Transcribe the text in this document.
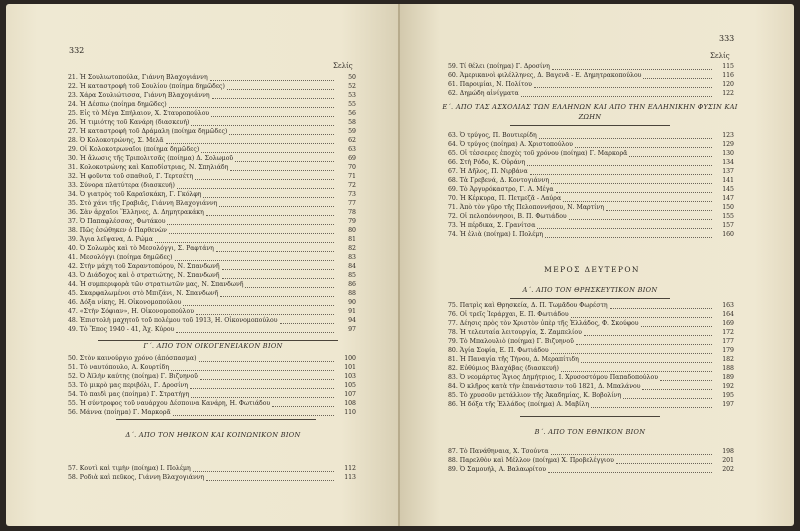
332
Σελίς
21. Ἡ Σουλιωτοπούλα, Γιάννη Βλαχογιάννη	50
22. Ἡ καταστροφὴ τοῦ Σουλίου (ποίημα δημῶδες)	52
23. Χάρα Σουλιώτισσα, Γιάννη Βλαχογιάννη	53
24. Ἡ Δέσπω (ποίημα δημῶδες)	55
25. Εἰς τὸ Μέγα Σπήλαιον, Χ. Σταυροπούλου	56
26. Ἡ τιμιότης τοῦ Κανάρη (διασκευή)	58
27. Ἡ καταστροφὴ τοῦ Δράμαλη (ποίημα δημῶδες)	59
28. Ὁ Κολοκοτρώνης, Σ. Μελᾶ	62
29. Οἱ Κολοκοτρωναῖοι (ποίημα δημῶδες)	63
30. Ἡ ἅλωσις τῆς Τριπολιτσᾶς (ποίημα) Δ. Σολωμοῦ	69
31. Κολοκοτρώνης καὶ Καποδίστριας, Ν. Σπηλιάδη	70
32. Ἡ φοῦντα τοῦ σπαθιοῦ, Γ. Τερτσέτη	71
33. Σύνορα πλατύτερα (διασκευή)	72
34. Ὁ γιατρὸς τοῦ Καραϊσκάκη, Γ. Γκόλφη	73
35. Στὸ χάνι τῆς Γραβιᾶς, Γιάννη Βλαχογιάννη	77
36. Σὰν ἀρχαῖοι Ἕλληνες, Δ. Δημητρακάκη	78
37. Ὁ Παπαφλέσσας, Φωτάκου	79
38. Πῶς ἐσώθηκεν ὁ Παρθενὼν	80
39. Ἄγια λεῖψανα, Δ. Ρώμα	81
40. Ὁ Σολωμὸς καὶ τὸ Μεσολόγγι, Σ. Ραφτάνη	82
41. Μεσολόγγι (ποίημα δημῶδες)	83
42. Στὴν μάχη τοῦ Σαραντοπόρου, Ν. Σπανδωνῆ	84
43. Ὁ Διάδοχος καὶ ὁ στρατιώτης, Ν. Σπανδωνῆ	85
44. Ἡ συμπεριφορὰ τῶν στρατιωτῶν μας, Ν. Σπανδωνῆ	86
45. Σκαρφαλωμένοι στὸ Μπιζάνι, Ν. Σπανδωνῆ	88
46. Δόξα νίκης, Η. Οἰκονομοπούλου	90
47. «Στὴν Σόφιαν», Η. Οἰκονομοπούλου	91
48. Ἐπιστολὴ μαχητοῦ τοῦ πολέμου τοῦ 1913, Η. Οἰκονομοπούλου	94
49. Τὸ Ἔπος 1940 - 41, Ἀχ. Κύρου	97
Γ΄. ΑΠΟ ΤΟΝ ΟΙΚΟΓΕΝΕΙΑΚΟΝ ΒΙΟΝ
50. Στὸν καινούργιο χρόνο (ἀπόσπασμα)	100
51. Τὸ ναυτόπουλο, Α. Κουρτίδη	101
52. Ὁ Ἀϊλὴν καύτης (ποίημα) Γ. Βιζυηνοῦ	103
53. Τὸ μικρὸ μας περιβόλι, Γ. Δροσίνη	105
54. Τὸ παιδὶ μας (ποίημα) Γ. Στρατήγη	107
55. Ἡ σύντροφος τοῦ ναυάρχου Δέσποινα Κανάρη, Η. Φωτιάδου	108
56. Μάννα (ποίημα) Γ. Μαρκορᾶ	110
Δ΄. ΑΠΟ ΤΟΝ ΗΘΙΚΟΝ ΚΑΙ ΚΟΙΝΩΝΙΚΟΝ ΒΙΟΝ
57. Κουτὶ καὶ τιμὴν (ποίημα) Ι. Πολέμη	112
58. Ροδιὰ καὶ πεῦκος, Γιάννη Βλαχογιάννη	113
333
Σελίς
59. Τί θέλει (ποίημα) Γ. Δροσίνη	115
60. Ἀμερικανοὶ φιλέλληνες, Δ. Βαγενᾶ - Ε. Δημητρακοπούλου	116
61. Παροιμίαι, Ν. Πολίτου	120
62. Δημώδη αἰνίγματα	122
Ε΄. ΑΠΟ ΤΑΣ ΑΣΧΟΛΙΑΣ ΤΩΝ ΕΛΛΗΝΩΝ ΚΑΙ ΑΠΟ ΤΗΝ ΕΛΛΗΝΙΚΗΝ ΦΥΣΙΝ ΚΑΙ ΖΩΗΝ
63. Ὁ τρύγος, Π. Βουτιερίδη	123
64. Ὁ τρύγος (ποίημα) Α. Χριστοπούλου	129
65. Οἱ τέσσερες ἐποχὲς τοῦ χρόνου (ποίημα) Γ. Μαρκορᾶ	130
66. Στὴ Ρόδο, Κ. Οὐράνη	134
67. Ἡ Δῆλος, Π. Νιρβάνα	137
68. Τὰ Γρεβενά, Δ. Κοντογιάννη	141
69. Τὸ Ἀργυρόκαστρο, Γ. Α. Μέγα	145
70. Ἡ Κέρκυρα, Π. Πετμεζᾶ - Λαύρα	147
71. Ἀπὸ τὸν γῦρο τῆς Πελοποννήσου, Ν. Μαρτίνη	150
72. Οἱ πελοπόννησοι, Β. Π. Φωτιάδου	155
73. Ἡ πέρδικα, Σ. Γρανίτσα	157
74. Ἡ ἐλιὰ (ποίημα) Ι. Πολέμη	160
ΜΕΡΟΣ ΔΕΥΤΕΡΟΝ
Α΄. ΑΠΟ ΤΟΝ ΘΡΗΣΚΕΥΤΙΚΟΝ ΒΙΟΝ
75. Πατρὶς καὶ Θρησκεία, Δ. Π. Τωμᾶδου Φωρέστη	163
76. Οἱ τρεῖς Ἱεράρχαι, Ε. Π. Φωτιάδου	164
77. Δέησις πρὸς τὸν Χριστὸν ὑπὲρ τῆς Ἑλλάδος, Φ. Σκούφου	169
78. Ἡ τελευταία λειτουργία, Σ. Ζαμπελίου	172
79. Τὸ Μπαλουλιὸ (ποίημα) Γ. Βιζυηνοῦ	177
80. Ἁγία Σοφία, Ε. Π. Φωτιάδου	179
81. Ἡ Παναγία τῆς Τήνου, Δ. Μεραπίτιδη	182
82. Εὐθύμιος Βλαχάβας (διασκευή)	188
83. Ὁ νεομάρτυς Ἅγιος Δημήτριος, Ι. Χρυσοστόμου Παπαδοπούλου	189
84. Ὁ κλῆρος κατὰ τὴν ἐπανάστασιν τοῦ 1821, Δ. Μπαλάνου	192
85. Τὸ χρυσοῦν μετάλλιον τῆς Ἀκαδημίας, Κ. Βοβολίνη	195
86. Ἡ δόξα τῆς Ἑλλάδος (ποίημα) Α. Μαβίλη	197
Β΄. ΑΠΟ ΤΟΝ ΕΘΝΙΚΟΝ ΒΙΟΝ
87. Τὸ Πανάθηναια, Χ. Τσούντα	198
88. Παρελθὸν καὶ Μέλλον (ποίημα) Χ. Προβελέγγιου	201
89. Ὁ Σαμουήλ, Α. Βαλαωρίτου	202
